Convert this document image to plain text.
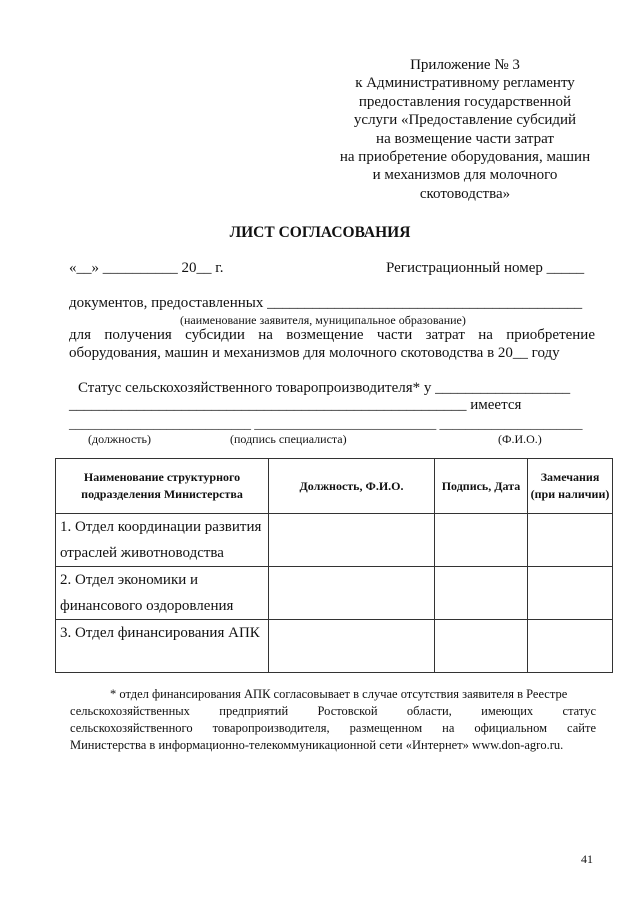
Приложение № 3
к Административному регламенту
предоставления государственной
услуги «Предоставление субсидий
на возмещение части затрат
на приобретение оборудования, машин
и механизмов для молочного
скотоводства»
ЛИСТ СОГЛАСОВАНИЯ
«__» __________ 20__ г.	Регистрационный номер _____
документов, предоставленных __________________________________________
(наименование заявителя, муниципальное образование)
для получения субсидии на возмещение части затрат на приобретение
оборудования, машин и механизмов для молочного скотоводства в 20__ году
Статус сельскохозяйственного товаропроизводителя* у __________________
_____________________________________________________ имеется
____________________________ ____________________________ ______________________
(должность)	(подпись специалиста)	(Ф.И.О.)
Наименование структурного подразделения Министерства	Должность, Ф.И.О.	Подпись, Дата	Замечания (при наличии)
1. Отдел координации развития отраслей животноводства			
2. Отдел экономики и финансового оздоровления			
3. Отдел финансирования АПК			
* отдел финансирования АПК согласовывает в случае отсутствия заявителя в Реестре
сельскохозяйственных предприятий Ростовской области, имеющих статус
сельскохозяйственного товаропроизводителя, размещенном на официальном сайте
Министерства в информационно-телекоммуникационной сети «Интернет» www.don-agro.ru.
41
